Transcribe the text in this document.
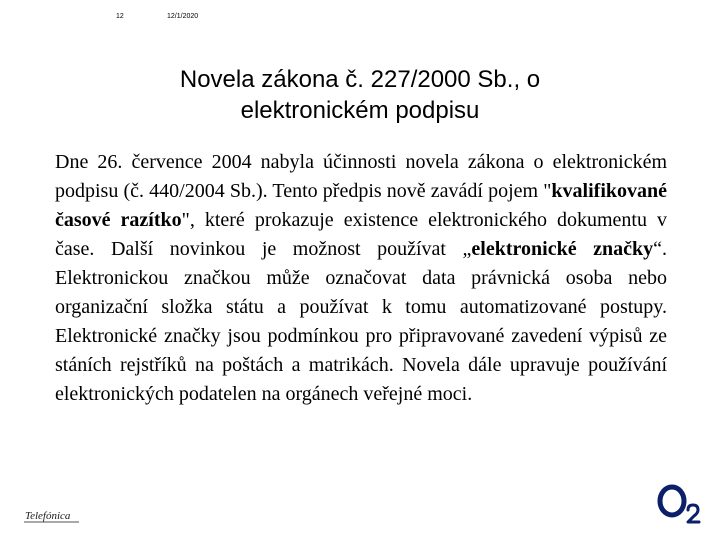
12	12/1/2020
Novela zákona č. 227/2000 Sb., o
elektronickém podpisu

Dne 26. července 2004 nabyla účinnosti novela zákona o elektronickém podpisu (č. 440/2004 Sb.). Tento předpis nově zavádí pojem "kvalifikované časové razítko", které prokazuje existence elektronického dokumentu v čase. Další novinkou je možnost používat „elektronické značky“. Elektronickou značkou může označovat data právnická osoba nebo organizační složka státu a používat k tomu automatizované postupy. Elektronické značky jsou podmínkou pro připravované zavedení výpisů ze stáních rejstříků na poštách a matrikách. Novela dále upravuje používání elektronických podatelen na orgánech veřejné moci.

Telefónica
